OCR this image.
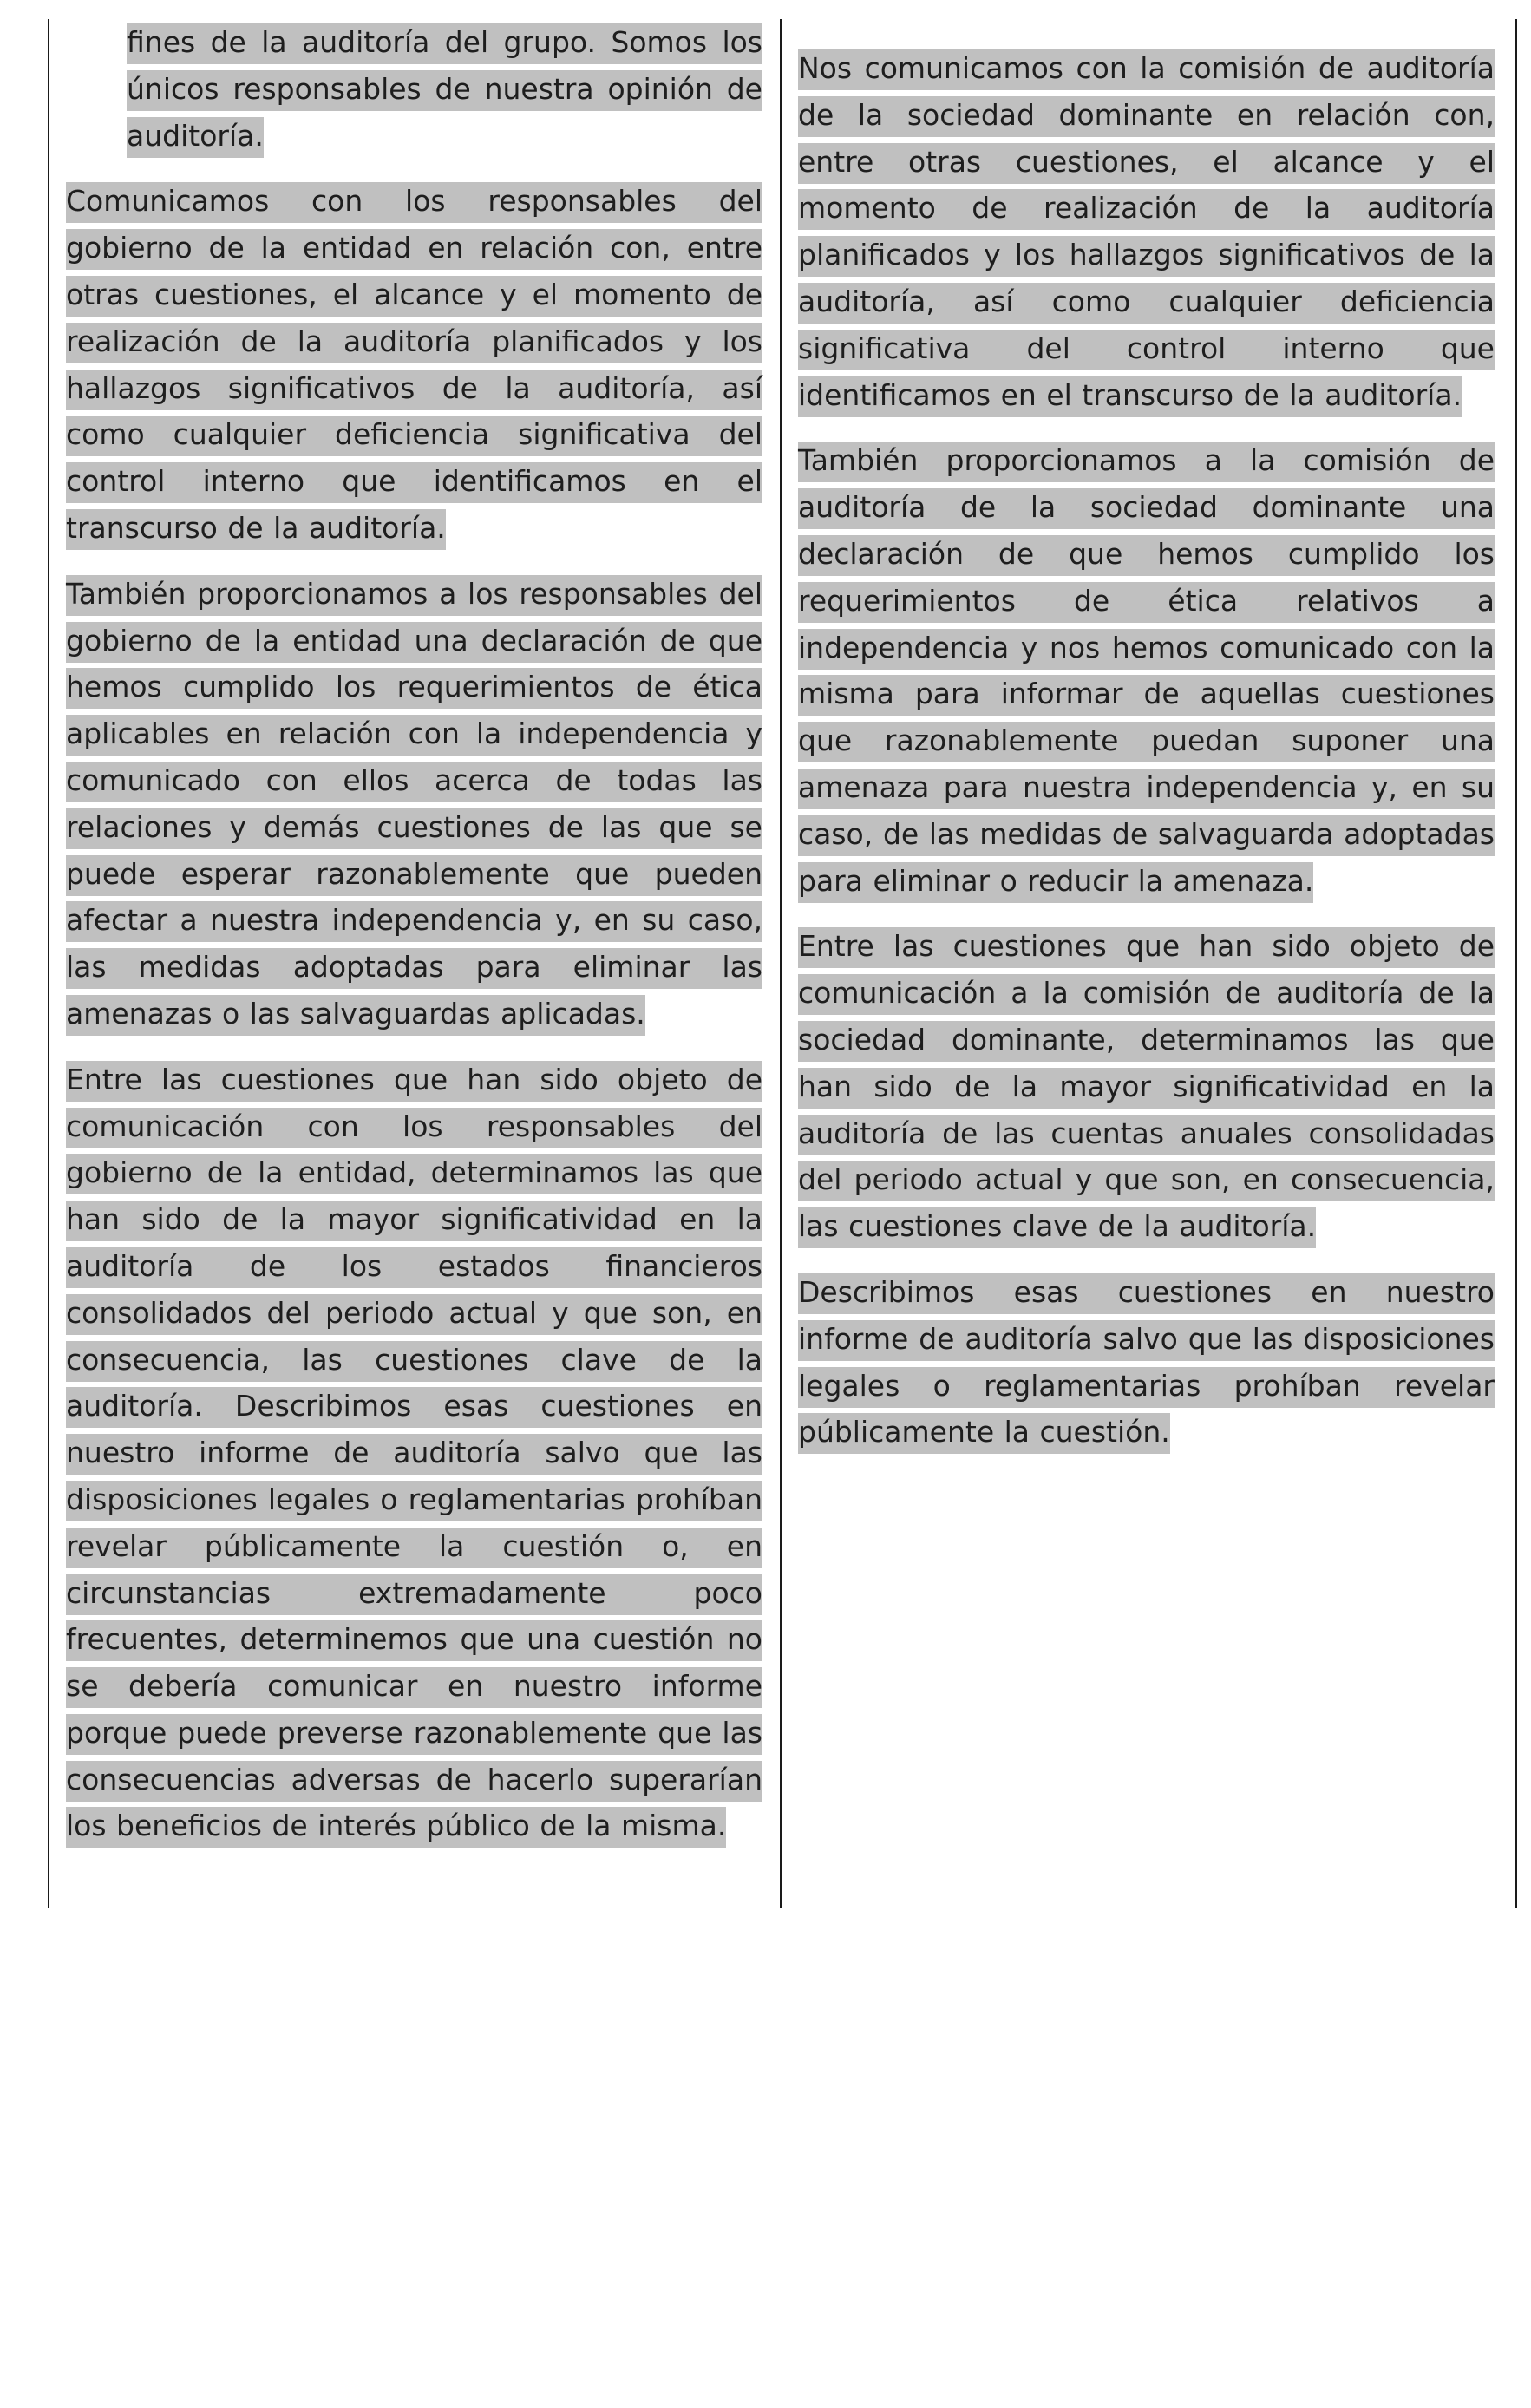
fines de la auditoría del grupo. Somos los únicos responsables de nuestra opinión de auditoría.

Comunicamos con los responsables del gobierno de la entidad en relación con, entre otras cuestiones, el alcance y el momento de realización de la auditoría planificados y los hallazgos significativos de la auditoría, así como cualquier deficiencia significativa del control interno que identificamos en el transcurso de la auditoría.

También proporcionamos a los responsables del gobierno de la entidad una declaración de que hemos cumplido los requerimientos de ética aplicables en relación con la independencia y comunicado con ellos acerca de todas las relaciones y demás cuestiones de las que se puede esperar razonablemente que pueden afectar a nuestra independencia y, en su caso, las medidas adoptadas para eliminar las amenazas o las salvaguardas aplicadas.

Entre las cuestiones que han sido objeto de comunicación con los responsables del gobierno de la entidad, determinamos las que han sido de la mayor significatividad en la auditoría de los estados financieros consolidados del periodo actual y que son, en consecuencia, las cuestiones clave de la auditoría. Describimos esas cuestiones en nuestro informe de auditoría salvo que las disposiciones legales o reglamentarias prohíban revelar públicamente la cuestión o, en circunstancias extremadamente poco frecuentes, determinemos que una cuestión no se debería comunicar en nuestro informe porque puede preverse razonablemente que las consecuencias adversas de hacerlo superarían los beneficios de interés público de la misma.

Nos comunicamos con la comisión de auditoría de la sociedad dominante en relación con, entre otras cuestiones, el alcance y el momento de realización de la auditoría planificados y los hallazgos significativos de la auditoría, así como cualquier deficiencia significativa del control interno que identificamos en el transcurso de la auditoría.

También proporcionamos a la comisión de auditoría de la sociedad dominante una declaración de que hemos cumplido los requerimientos de ética relativos a independencia y nos hemos comunicado con la misma para informar de aquellas cuestiones que razonablemente puedan suponer una amenaza para nuestra independencia y, en su caso, de las medidas de salvaguarda adoptadas para eliminar o reducir la amenaza.

Entre las cuestiones que han sido objeto de comunicación a la comisión de auditoría de la sociedad dominante, determinamos las que han sido de la mayor significatividad en la auditoría de las cuentas anuales consolidadas del periodo actual y que son, en consecuencia, las cuestiones clave de la auditoría.

Describimos esas cuestiones en nuestro informe de auditoría salvo que las disposiciones legales o reglamentarias prohíban revelar públicamente la cuestión.
